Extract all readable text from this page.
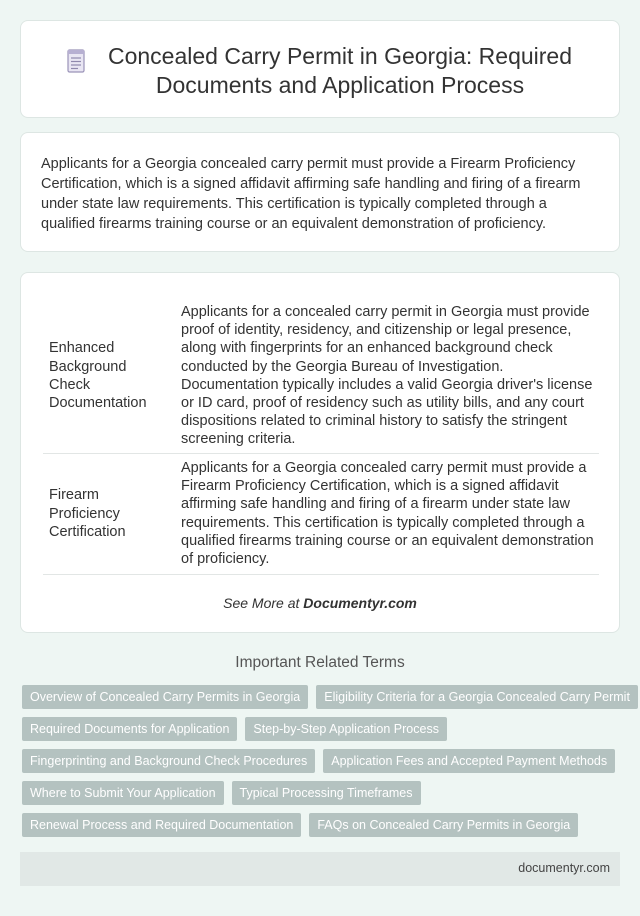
Concealed Carry Permit in Georgia: Required Documents and Application Process

Applicants for a Georgia concealed carry permit must provide a Firearm Proficiency Certification, which is a signed affidavit affirming safe handling and firing of a firearm under state law requirements. This certification is typically completed through a qualified firearms training course or an equivalent demonstration of proficiency.

Enhanced Background Check Documentation	Applicants for a concealed carry permit in Georgia must provide proof of identity, residency, and citizenship or legal presence, along with fingerprints for an enhanced background check conducted by the Georgia Bureau of Investigation. Documentation typically includes a valid Georgia driver's license or ID card, proof of residency such as utility bills, and any court dispositions related to criminal history to satisfy the stringent screening criteria.
Firearm Proficiency Certification	Applicants for a Georgia concealed carry permit must provide a Firearm Proficiency Certification, which is a signed affidavit affirming safe handling and firing of a firearm under state law requirements. This certification is typically completed through a qualified firearms training course or an equivalent demonstration of proficiency.
See More at Documentyr.com
Important Related Terms
Overview of Concealed Carry Permits in Georgia	Eligibility Criteria for a Georgia Concealed Carry Permit
Required Documents for Application	Step-by-Step Application Process
Fingerprinting and Background Check Procedures	Application Fees and Accepted Payment Methods
Where to Submit Your Application	Typical Processing Timeframes
Renewal Process and Required Documentation	FAQs on Concealed Carry Permits in Georgia
documentyr.com
